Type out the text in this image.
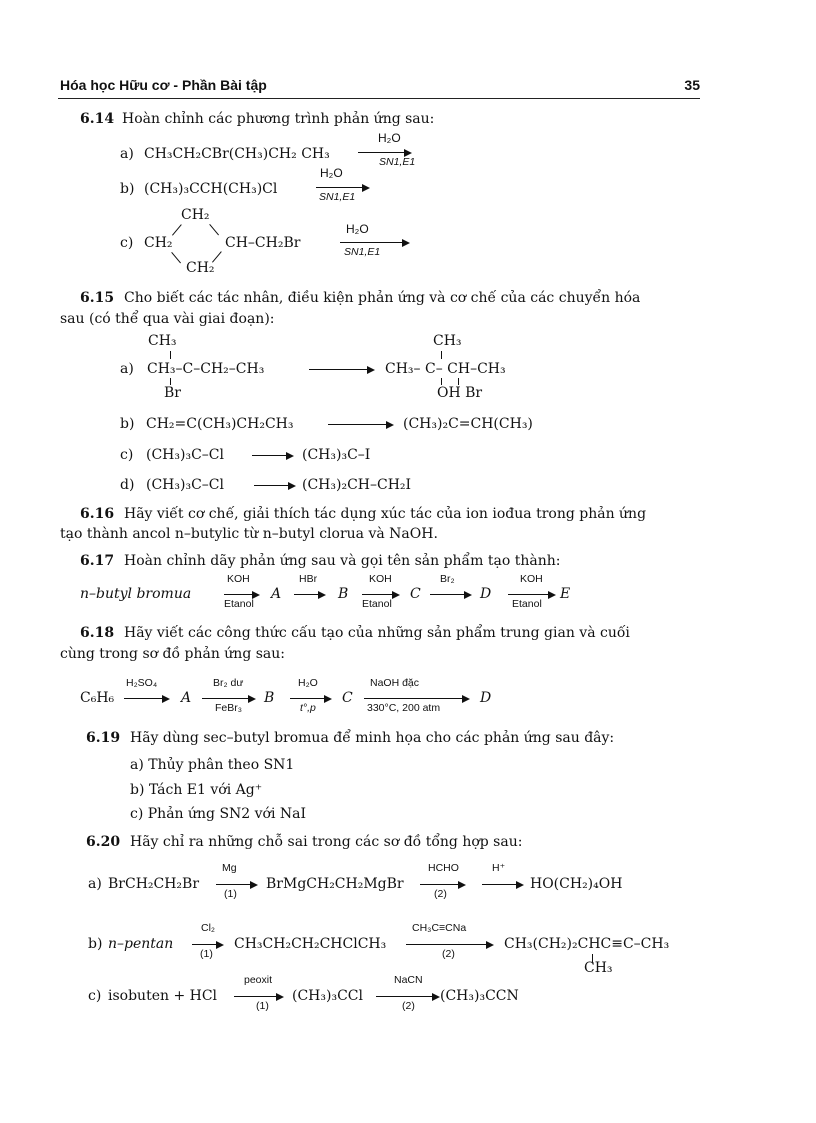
Hóa học Hữu cơ - Phần Bài tập	35
6.14 Hoàn chỉnh các phương trình phản ứng sau:
a) CH₃CH₂CBr(CH₃)CH₂ CH₃
H₂O
SN1,E1
b) (CH₃)₃CCH(CH₃)Cl
H₂O
SN1,E1
CH₂
c) CH₂	CH–CH₂Br
CH₂
H₂O
SN1,E1
6.15 Cho biết các tác nhân, điều kiện phản ứng và cơ chế của các chuyển hóa
sau (có thể qua vài giai đoạn):
CH₃
a) CH₃–C–CH₂–CH₃
Br
CH₃
CH₃– C– CH–CH₃
OH Br
b) CH₂=C(CH₃)CH₂CH₃	(CH₃)₂C=CH(CH₃)
c) (CH₃)₃C–Cl → (CH₃)₃C–I
d) (CH₃)₃C–Cl → (CH₃)₂CH–CH₂I
6.16 Hãy viết cơ chế, giải thích tác dụng xúc tác của ion iođua trong phản ứng
tạo thành ancol n–butylic từ n–butyl clorua và NaOH.
6.17 Hoàn chỉnh dãy phản ứng sau và gọi tên sản phẩm tạo thành:
n–butyl bromua
KOH
Etanol
A
HBr
→ B
KOH
Etanol
C
Br₂
→ D
KOH
Etanol
E
6.18 Hãy viết các công thức cấu tạo của những sản phẩm trung gian và cuối
cùng trong sơ đồ phản ứng sau:
C₆H₆
H₂SO₄
→ A
Br₂ dư
FeBr₃
B
H₂O
t°,p
C
NaOH đặc
330°C, 200 atm
D
6.19 Hãy dùng sec–butyl bromua để minh họa cho các phản ứng sau đây:
a) Thủy phân theo SN1
b) Tách E1 với Ag⁺
c) Phản ứng SN2 với NaI
6.20 Hãy chỉ ra những chỗ sai trong các sơ đồ tổng hợp sau:
a) BrCH₂CH₂Br
Mg
(1)
BrMgCH₂CH₂MgBr
HCHO
(2)
H⁺
→ HO(CH₂)₄OH
b) n–pentan
Cl₂
(1)
CH₃CH₂CH₂CHClCH₃
CH₃C≡CNa
(2)
CH₃(CH₂)₂CHC≡C–CH₃
CH₃
c) isobuten + HCl
peoxit
(1)
(CH₃)₃CCl
NaCN
(2)
(CH₃)₃CCN
